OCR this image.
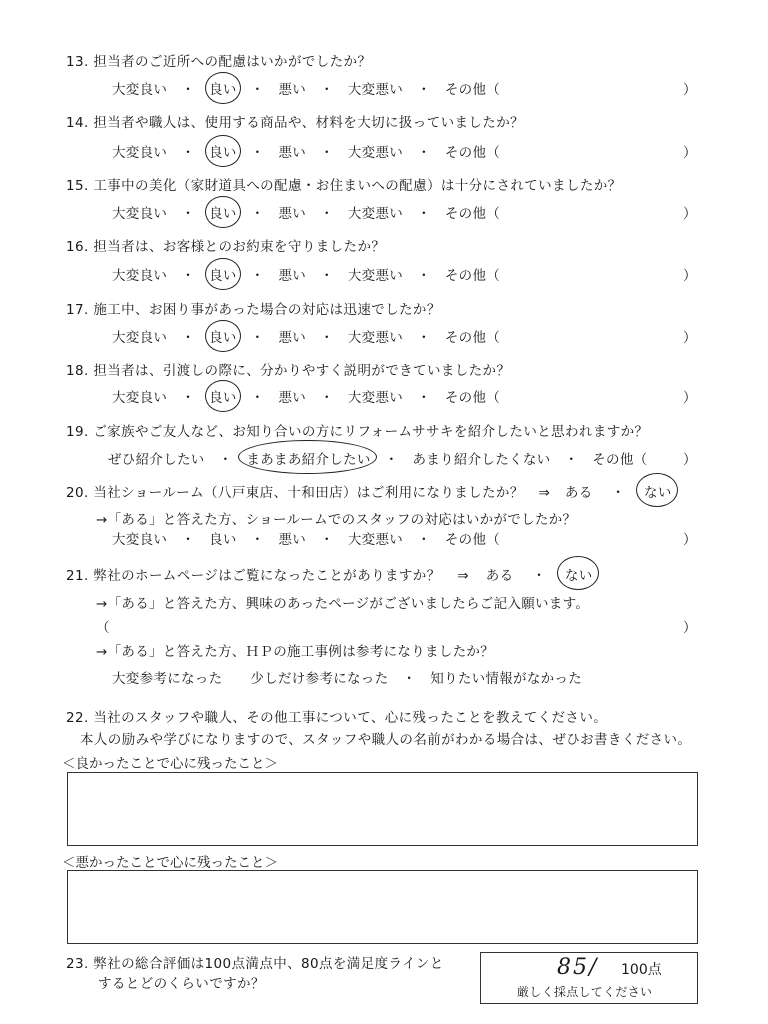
13. 担当者のご近所への配慮はいかがでしたか？
大変良い ・ 良い ・ 悪い ・ 大変悪い ・ その他（	）
14. 担当者や職人は、使用する商品や、材料を大切に扱っていましたか？
大変良い ・ 良い ・ 悪い ・ 大変悪い ・ その他（	）
15. 工事中の美化（家財道具への配慮・お住まいへの配慮）は十分にされていましたか？
大変良い ・ 良い ・ 悪い ・ 大変悪い ・ その他（	）
16. 担当者は、お客様とのお約束を守りましたか？
大変良い ・ 良い ・ 悪い ・ 大変悪い ・ その他（	）
17. 施工中、お困り事があった場合の対応は迅速でしたか？
大変良い ・ 良い ・ 悪い ・ 大変悪い ・ その他（	）
18. 担当者は、引渡しの際に、分かりやすく説明ができていましたか？
大変良い ・ 良い ・ 悪い ・ 大変悪い ・ その他（	）
19. ご家族やご友人など、お知り合いの方にリフォームササキを紹介したいと思われますか？
ぜひ紹介したい ・ まあまあ紹介したい ・ あまり紹介したくない ・ その他（	）
20. 当社ショールーム（八戸東店、十和田店）はご利用になりましたか？ ⇒ ある ・ ない
→「ある」と答えた方、ショールームでのスタッフの対応はいかがでしたか？
大変良い ・ 良い ・ 悪い ・ 大変悪い ・ その他（	）
21. 弊社のホームページはご覧になったことがありますか？ ⇒ ある ・ ない
→「ある」と答えた方、興味のあったページがございましたらご記入願います。
（	）
→「ある」と答えた方、ＨＰの施工事例は参考になりましたか？
大変参考になった 少しだけ参考になった ・ 知りたい情報がなかった
22. 当社のスタッフや職人、その他工事について、心に残ったことを教えてください。
本人の励みや学びになりますので、スタッフや職人の名前がわかる場合は、ぜひお書きください。
＜良かったことで心に残ったこと＞
＜悪かったことで心に残ったこと＞
23. 弊社の総合評価は100点満点中、80点を満足度ラインと
するとどのくらいですか？
85/ 100点
厳しく採点してください
